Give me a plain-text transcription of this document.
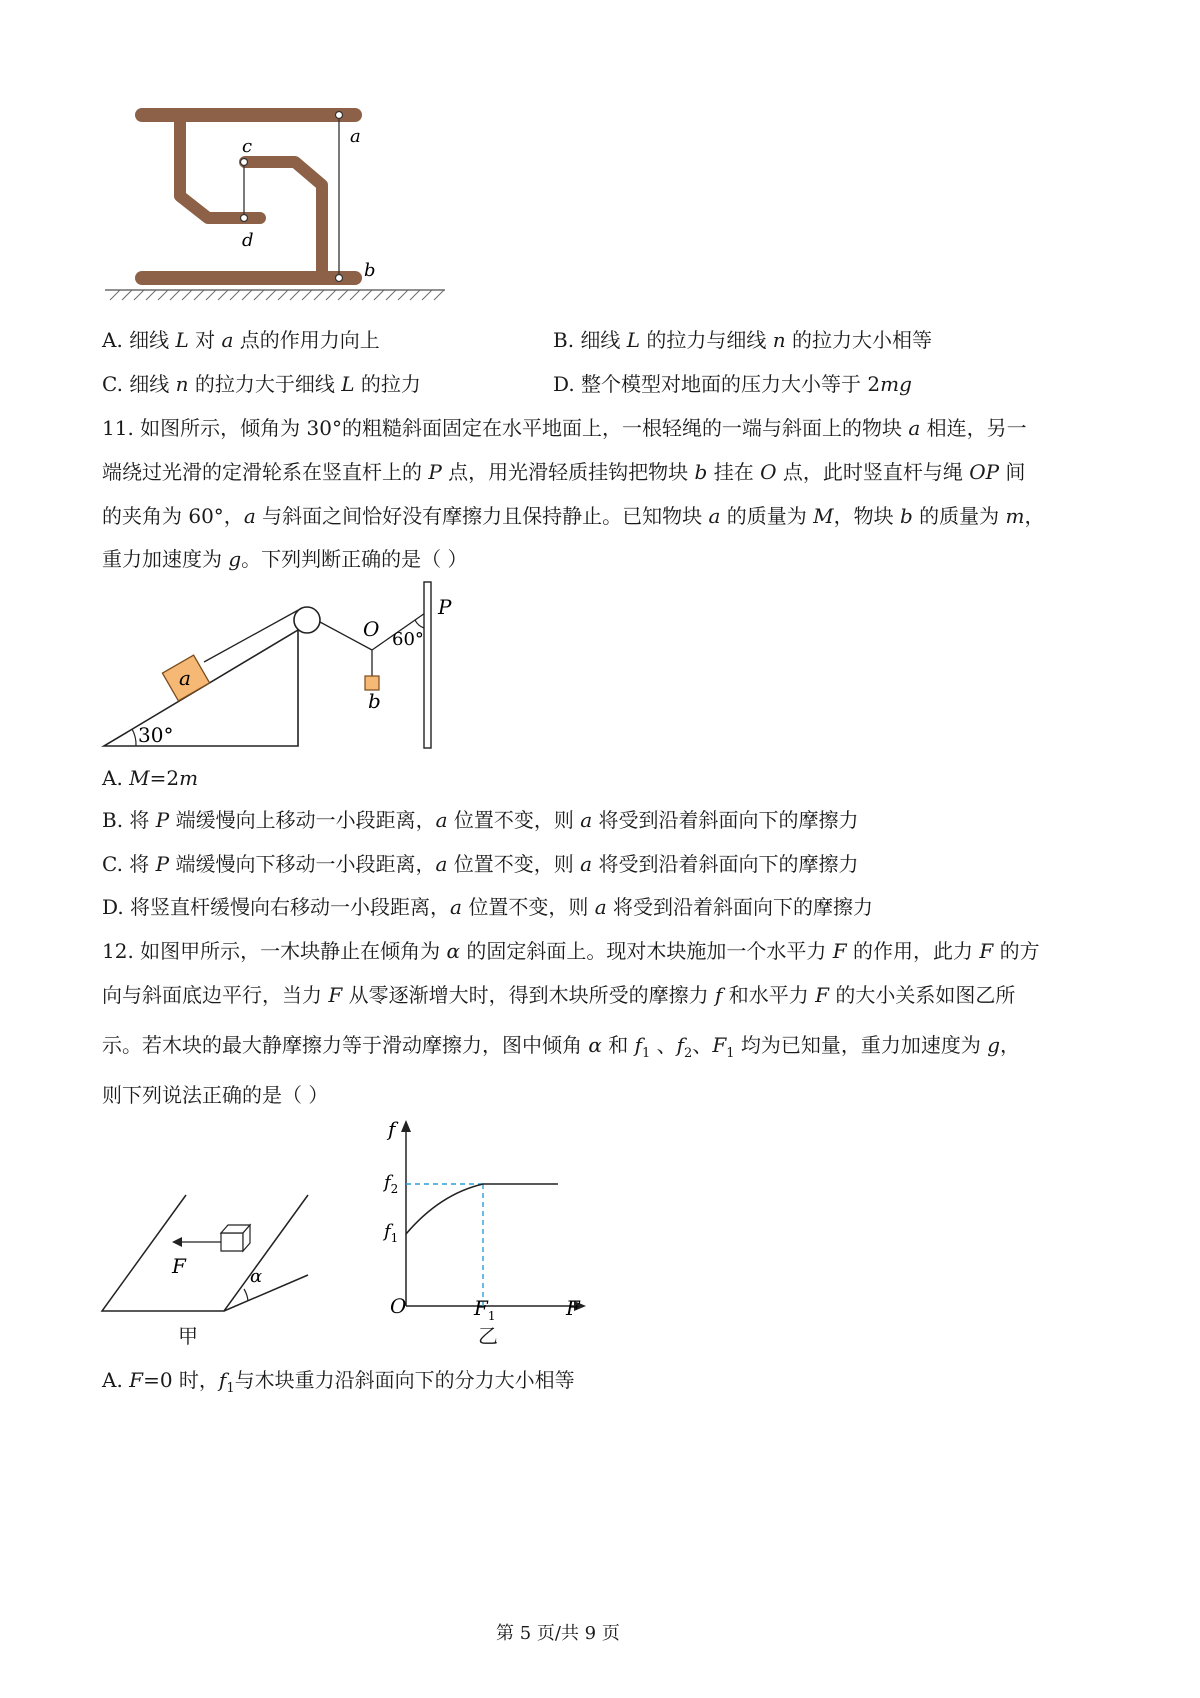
a
b
c
d
A. 细线 L 对 a 点的作用力向上	B. 细线 L 的拉力与细线 n 的拉力大小相等
C. 细线 n 的拉力大于细线 L 的拉力	D. 整个模型对地面的压力大小等于 2mg
11. 如图所示，倾角为 30°的粗糙斜面固定在水平地面上，一根轻绳的一端与斜面上的物块 a 相连，另一
端绕过光滑的定滑轮系在竖直杆上的 P 点，用光滑轻质挂钩把物块 b 挂在 O 点，此时竖直杆与绳 OP 间
的夹角为 60°，a 与斜面之间恰好没有摩擦力且保持静止。已知物块 a 的质量为 M，物块 b 的质量为 m，
重力加速度为 g。下列判断正确的是（ ）
30°
b
O
a
P
60°
A. M=2m
B. 将 P 端缓慢向上移动一小段距离，a 位置不变，则 a 将受到沿着斜面向下的摩擦力
C. 将 P 端缓慢向下移动一小段距离，a 位置不变，则 a 将受到沿着斜面向下的摩擦力
D. 将竖直杆缓慢向右移动一小段距离，a 位置不变，则 a 将受到沿着斜面向下的摩擦力
12. 如图甲所示，一木块静止在倾角为 α 的固定斜面上。现对木块施加一个水平力 F 的作用，此力 F 的方
向与斜面底边平行，当力 F 从零逐渐增大时，得到木块所受的摩擦力 f 和水平力 F 的大小关系如图乙所
示。若木块的最大静摩擦力等于滑动摩擦力，图中倾角 α 和 $f_1$ 、$f_2$、$F_1$ 均为已知量，重力加速度为 g，
则下列说法正确的是（ ）
α
F
甲
f
$f_2$
$f_1$
O	$F_1$	F
乙
A. F=0 时，$f_1$与木块重力沿斜面向下的分力大小相等
第 5 页/共 9 页
